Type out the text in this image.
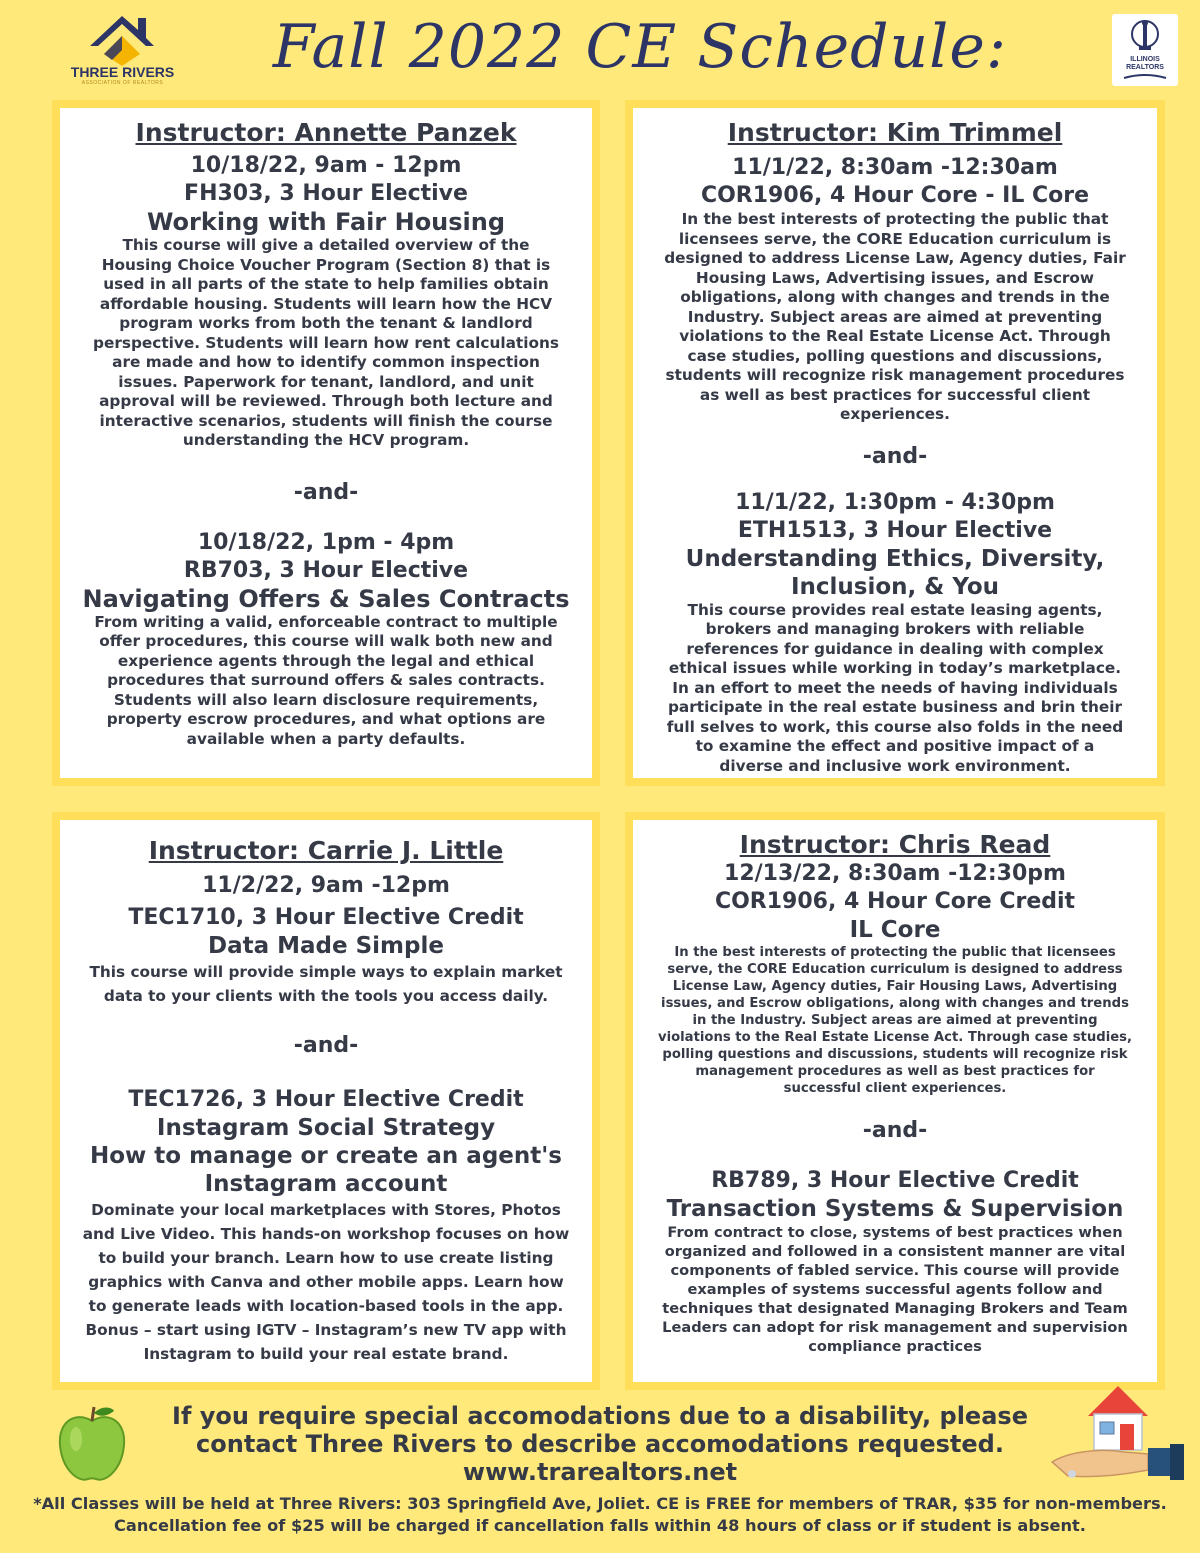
THREE RIVERS
ASSOCIATION OF REALTORS
Fall 2022 CE Schedule:	ILLINOIS
REALTORS

Instructor: Annette Panzek

10/18/22, 9am - 12pm

FH303, 3 Hour Elective

Working with Fair Housing

This course will give a detailed overview of the

Housing Choice Voucher Program (Section 8) that is

used in all parts of the state to help families obtain

affordable housing. Students will learn how the HCV

program works from both the tenant & landlord

perspective. Students will learn how rent calculations

are made and how to identify common inspection

issues. Paperwork for tenant, landlord, and unit

approval will be reviewed. Through both lecture and

interactive scenarios, students will finish the course

understanding the HCV program.

-and-

10/18/22, 1pm - 4pm

RB703, 3 Hour Elective

Navigating Offers & Sales Contracts

From writing a valid, enforceable contract to multiple

offer procedures, this course will walk both new and

experience agents through the legal and ethical

procedures that surround offers & sales contracts.

Students will also learn disclosure requirements,

property escrow procedures, and what options are

available when a party defaults.

Instructor: Kim Trimmel

11/1/22, 8:30am -12:30am

COR1906, 4 Hour Core - IL Core

In the best interests of protecting the public that

licensees serve, the CORE Education curriculum is

designed to address License Law, Agency duties, Fair

Housing Laws, Advertising issues, and Escrow

obligations, along with changes and trends in the

Industry. Subject areas are aimed at preventing

violations to the Real Estate License Act. Through

case studies, polling questions and discussions,

students will recognize risk management procedures

as well as best practices for successful client

experiences.

-and-

11/1/22, 1:30pm - 4:30pm

ETH1513, 3 Hour Elective

Understanding Ethics, Diversity,

Inclusion, & You

This course provides real estate leasing agents,

brokers and managing brokers with reliable

references for guidance in dealing with complex

ethical issues while working in today’s marketplace.

In an effort to meet the needs of having individuals

participate in the real estate business and brin their

full selves to work, this course also folds in the need

to examine the effect and positive impact of a

diverse and inclusive work environment.

Instructor: Carrie J. Little

11/2/22, 9am -12pm

TEC1710, 3 Hour Elective Credit

Data Made Simple

This course will provide simple ways to explain market

data to your clients with the tools you access daily.

-and-

TEC1726, 3 Hour Elective Credit

Instagram Social Strategy

How to manage or create an agent's

Instagram account

Dominate your local marketplaces with Stores, Photos

and Live Video. This hands-on workshop focuses on how

to build your branch. Learn how to use create listing

graphics with Canva and other mobile apps. Learn how

to generate leads with location-based tools in the app.

Bonus – start using IGTV – Instagram’s new TV app with

Instagram to build your real estate brand.

Instructor: Chris Read

12/13/22, 8:30am -12:30pm

COR1906, 4 Hour Core Credit

IL Core

In the best interests of protecting the public that licensees

serve, the CORE Education curriculum is designed to address

License Law, Agency duties, Fair Housing Laws, Advertising

issues, and Escrow obligations, along with changes and trends

in the Industry. Subject areas are aimed at preventing

violations to the Real Estate License Act. Through case studies,

polling questions and discussions, students will recognize risk

management procedures as well as best practices for

successful client experiences.

-and-

RB789, 3 Hour Elective Credit

Transaction Systems & Supervision

From contract to close, systems of best practices when

organized and followed in a consistent manner are vital

components of fabled service. This course will provide

examples of systems successful agents follow and

techniques that designated Managing Brokers and Team

Leaders can adopt for risk management and supervision

compliance practices

If you require special accomodations due to a disability, please
contact Three Rivers to describe accomodations requested.
www.trarealtors.net
*All Classes will be held at Three Rivers: 303 Springfield Ave, Joliet. CE is FREE for members of TRAR, $35 for non-members.
Cancellation fee of $25 will be charged if cancellation falls within 48 hours of class or if student is absent.
